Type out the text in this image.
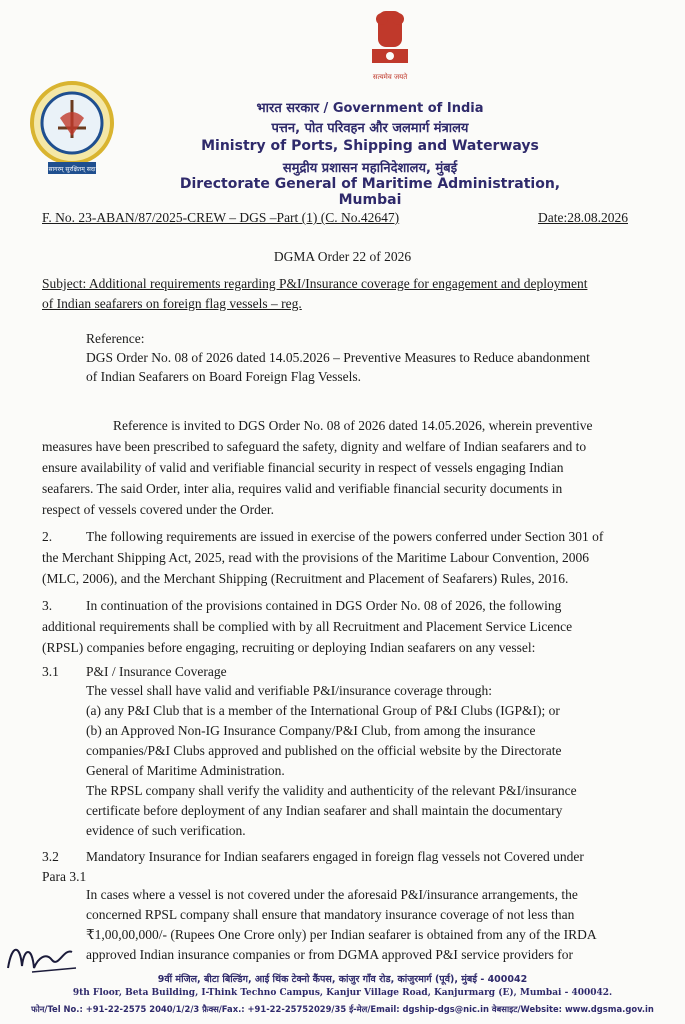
सागरम् सुरक्षितम् सदा
सत्यमेव जयते
भारत सरकार / Government of India
पत्तन, पोत परिवहन और जलमार्ग मंत्रालय
Ministry of Ports, Shipping and Waterways
समुद्रीय प्रशासन महानिदेशालय, मुंबई
Directorate General of Maritime Administration, Mumbai
F. No. 23-ABAN/87/2025-CREW – DGS –Part (1) (C. No.42647)	Date:28.08.2026
DGMA Order 22 of 2026
Subject: Additional requirements regarding P&I/Insurance coverage for engagement and deployment
of Indian seafarers on foreign flag vessels – reg.
Reference:
DGS Order No. 08 of 2026 dated 14.05.2026 – Preventive Measures to Reduce abandonment
of Indian Seafarers on Board Foreign Flag Vessels.
Reference is invited to DGS Order No. 08 of 2026 dated 14.05.2026, wherein preventive
measures have been prescribed to safeguard the safety, dignity and welfare of Indian seafarers and to
ensure availability of valid and verifiable financial security in respect of vessels engaging Indian
seafarers. The said Order, inter alia, requires valid and verifiable financial security documents in
respect of vessels covered under the Order.
2.	The following requirements are issued in exercise of the powers conferred under Section 301 of
the Merchant Shipping Act, 2025, read with the provisions of the Maritime Labour Convention, 2006
(MLC, 2006), and the Merchant Shipping (Recruitment and Placement of Seafarers) Rules, 2016.
3.	In continuation of the provisions contained in DGS Order No. 08 of 2026, the following
additional requirements shall be complied with by all Recruitment and Placement Service Licence
(RPSL) companies before engaging, recruiting or deploying Indian seafarers on any vessel:
3.1 P&I / Insurance Coverage
The vessel shall have valid and verifiable P&I/insurance coverage through:
(a) any P&I Club that is a member of the International Group of P&I Clubs (IGP&I); or
(b) an Approved Non-IG Insurance Company/P&I Club, from among the insurance
companies/P&I Clubs approved and published on the official website by the Directorate
General of Maritime Administration.
The RPSL company shall verify the validity and authenticity of the relevant P&I/insurance
certificate before deployment of any Indian seafarer and shall maintain the documentary
evidence of such verification.
3.2 Mandatory Insurance for Indian seafarers engaged in foreign flag vessels not Covered under
Para 3.1
In cases where a vessel is not covered under the aforesaid P&I/insurance arrangements, the
concerned RPSL company shall ensure that mandatory insurance coverage of not less than
₹1,00,00,000/- (Rupees One Crore only) per Indian seafarer is obtained from any of the IRDA
approved Indian insurance companies or from DGMA approved P&I service providers for
9वीं मंजिल, बीटा बिल्डिंग, आई थिंक टेक्नो कैंपस, कांजुर गाँव रोड, कांजुरमार्ग (पूर्व), मुंबई - 400042
9th Floor, Beta Building, I-Think Techno Campus, Kanjur Village Road, Kanjurmarg (E), Mumbai - 400042.
फोन/Tel No.: +91-22-2575 2040/1/2/3 फ़ैक्स/Fax.: +91-22-25752029/35 ई-मेल/Email: dgship-dgs@nic.in वेबसाइट/Website: www.dgsma.gov.in
